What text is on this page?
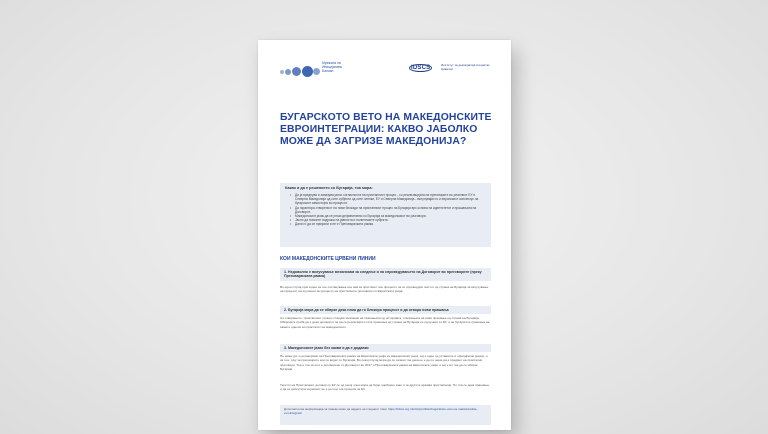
Мрежата на Иницијатива Балкан	IDSCS	Институт за демократија Социетас Цивилис
БУГАРСКОТО ВЕТО НА МАКЕДОНСКИТЕ ЕВРОИНТЕГРАЦИИ: КАКВО ЈАБОЛКО МОЖЕ ДА ЗАГРИЗЕ МАКЕДОНИЈА?
Какво и да е решението со Бугарија, тоа мора:
• Да ја вреднува и запазува јасно согласноста на пристапниот процес - со реализацијата на преговорите во реалниот ЕУ и Северна Македонија од сите субјекти од сите членки, ЕУ и Северна Македонија - вклучувајќи го и европскиот консензус на бугарскиот самостојно во процесот.
• Да гарантира отвореност на нови блокади на пристапниот процес на Бугарија врз основа на идентитетот и прашањата на Договорот.
• Македонскиот јазик да се реши дефинитивно со Бугарија за македонскиот во разговори.
• Јасно да помогне подршка на јавноста и политичките субјекти.
• Дали го да се прифати и не е Преговарачката рамка.
КОИ МАКЕДОНСКИТЕ ЦРВЕНИ ЛИНИИ
1. Недоволно е вклучување механизам за следење и на спроведувањето на Договорот во преговорите (преку Преговарачката рамка)
Во еден случај претходно за тие состанувања кон нив за пристапот кон процесот за се спроведува текстот од страна на Бугарија за вклучување на процесот на кој начин за процесот на пристапните преговори со Европската унија.
2. Бугарија мора да се обврзе дека нема да го блокира процесот и да отвора нови прашања
Со отворањето, пристапниот процес станува заложник на прашањата од историјата, отворањата на нови прашања од страна на Бугарија. Обврската треба да е дека договорот за да се реализира и сите прашања од страна на Бугарија се одлучени со ЕУ, а не бугарските прашања на самите односи во пристапот на македонскиот.
3. Македонскиот јазик без какви и да е додавки
Не може да го договориме на Преговарачката рамка на Европската унија за македонскиот јазик, кој е еден од уставните и официјални јазици, и за тоа, туку за преговорите кои се водат со Бугарија. Во секој случај мора да се запази тоа дека не е дел и нема да е предмет на пристапни преговори. Тоа е тоа за што е договорено со Договорот во 2017 и Преговарачката рамка на Европската унија, и кој е во тоа да се обврзе Бугарија.
Текстот на Пристапниот договор со ЕУ се од секој член мора да биде одобрено како и за другите држави пристапници. По тоа се дека прашања и да се дискутира за јазикот не е дел од тие процеси за ЕУ.
Дополнителна информација за повеќе може да најдете на следниот линк: https://idscs.org.mk/mk/portfolio/bugarskoto-veto-na-makedonskite-evrointegracii
